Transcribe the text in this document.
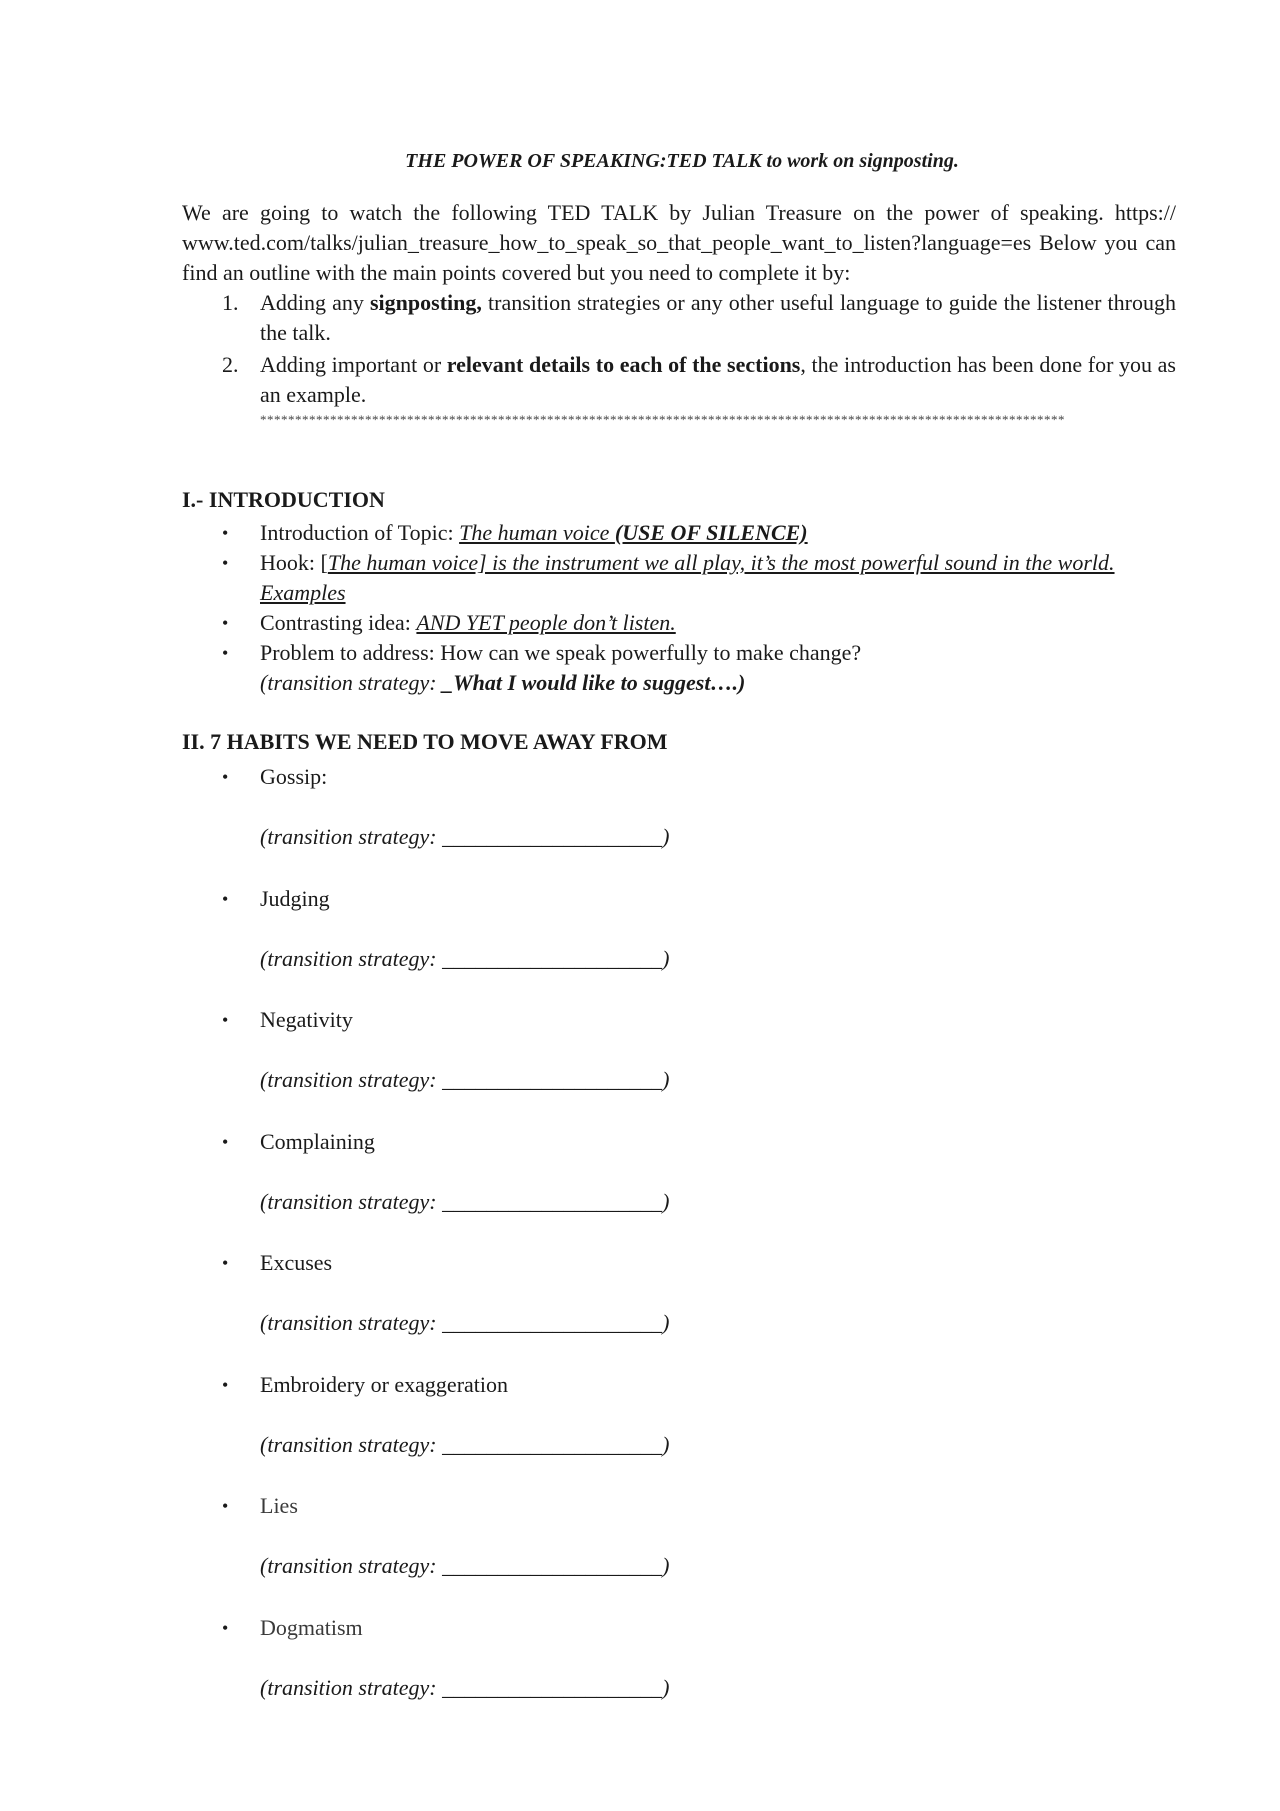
THE POWER OF SPEAKING:TED TALK to work on signposting.

We are going to watch the following TED TALK by Julian Treasure on the power of speaking. https:// www.ted.com/talks/julian_treasure_how_to_speak_so_that_people_want_to_listen?language=es Below you can find an outline with the main points covered but you need to complete it by:

1. Adding any signposting, transition strategies or any other useful language to guide the listener through the talk.
2. Adding important or relevant details to each of the sections, the introduction has been done for you as an example.
*******************************************************************************************************************
I.- INTRODUCTION
• Introduction of Topic: The human voice (USE OF SILENCE)
• Hook: [The human voice] is the instrument we all play, it’s the most powerful sound in the world. Examples
• Contrasting idea: AND YET people don’t listen.
• Problem to address: How can we speak powerfully to make change?
(transition strategy: _What I would like to suggest….)
II. 7 HABITS WE NEED TO MOVE AWAY FROM
• Gossip:
(transition strategy: ____________________)
• Judging
(transition strategy: ____________________)
• Negativity
(transition strategy: ____________________)
• Complaining
(transition strategy: ____________________)
• Excuses
(transition strategy: ____________________)
• Embroidery or exaggeration
(transition strategy: ____________________)
• Lies
(transition strategy: ____________________)
• Dogmatism
(transition strategy: ____________________)
